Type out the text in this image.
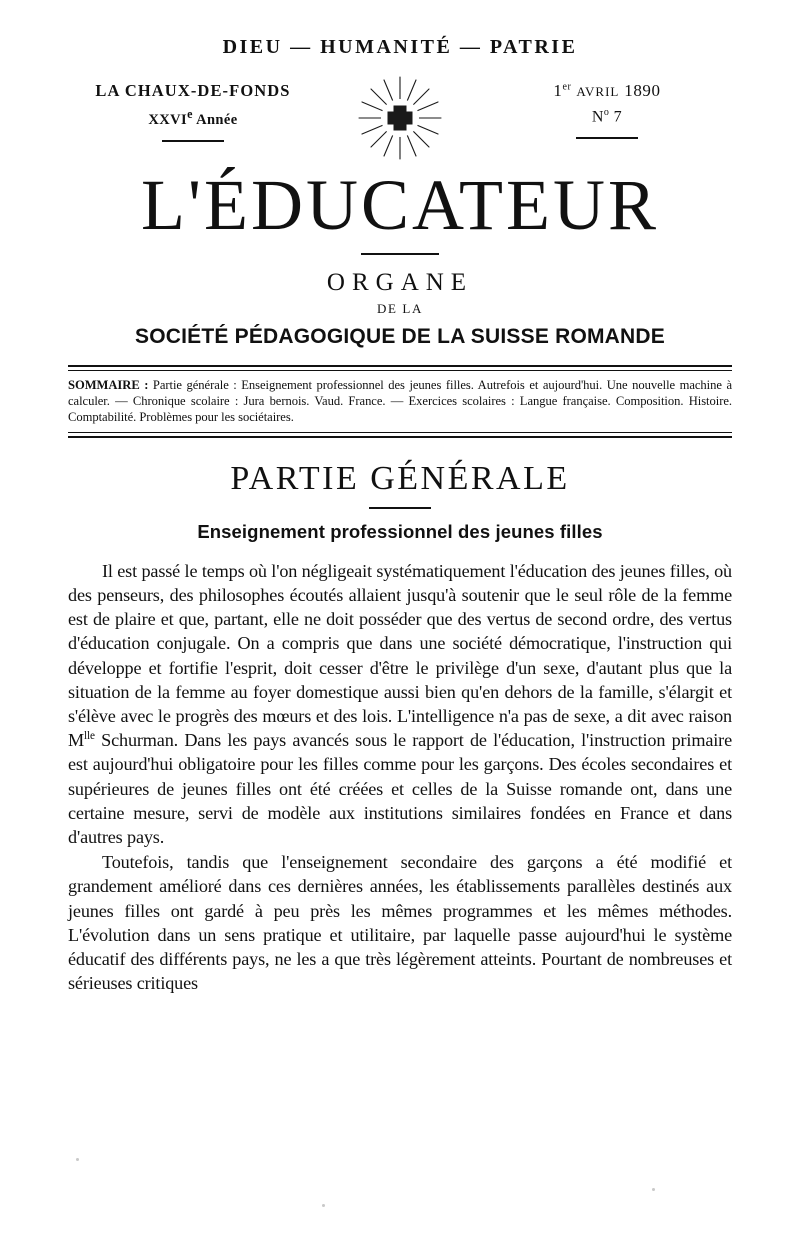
DIEU — HUMANITÉ — PATRIE
LA CHAUX-DE-FONDS
XXVIe Année
1er AVRIL 1890
$N^o$ 7
L'ÉDUCATEUR
ORGANE
DE LA
SOCIÉTÉ PÉDAGOGIQUE DE LA SUISSE ROMANDE
SOMMAIRE : Partie générale : Enseignement professionnel des jeunes filles. Autrefois et aujourd'hui. Une nouvelle machine à calculer. — Chronique scolaire : Jura bernois. Vaud. France. — Exercices scolaires : Langue française. Composition. Histoire. Comptabilité. Problèmes pour les sociétaires.
PARTIE GÉNÉRALE
Enseignement professionnel des jeunes filles

Il est passé le temps où l'on négligeait systématiquement l'éducation des jeunes filles, où des penseurs, des philosophes écoutés allaient jusqu'à soutenir que le seul rôle de la femme est de plaire et que, partant, elle ne doit posséder que des vertus de second ordre, des vertus d'éducation conjugale. On a compris que dans une société démocratique, l'instruction qui développe et fortifie l'esprit, doit cesser d'être le privilège d'un sexe, d'autant plus que la situation de la femme au foyer domestique aussi bien qu'en dehors de la famille, s'élargit et s'élève avec le progrès des mœurs et des lois. L'intelligence n'a pas de sexe, a dit avec raison $M^{lle}$ Schurman. Dans les pays avancés sous le rapport de l'éducation, l'instruction primaire est aujourd'hui obligatoire pour les filles comme pour les garçons. Des écoles secondaires et supérieures de jeunes filles ont été créées et celles de la Suisse romande ont, dans une certaine mesure, servi de modèle aux institutions similaires fondées en France et dans d'autres pays.

Toutefois, tandis que l'enseignement secondaire des garçons a été modifié et grandement amélioré dans ces dernières années, les établissements parallèles destinés aux jeunes filles ont gardé à peu près les mêmes programmes et les mêmes méthodes. L'évolution dans un sens pratique et utilitaire, par laquelle passe aujourd'hui le système éducatif des différents pays, ne les a que très légèrement atteints. Pourtant de nombreuses et sérieuses critiques
